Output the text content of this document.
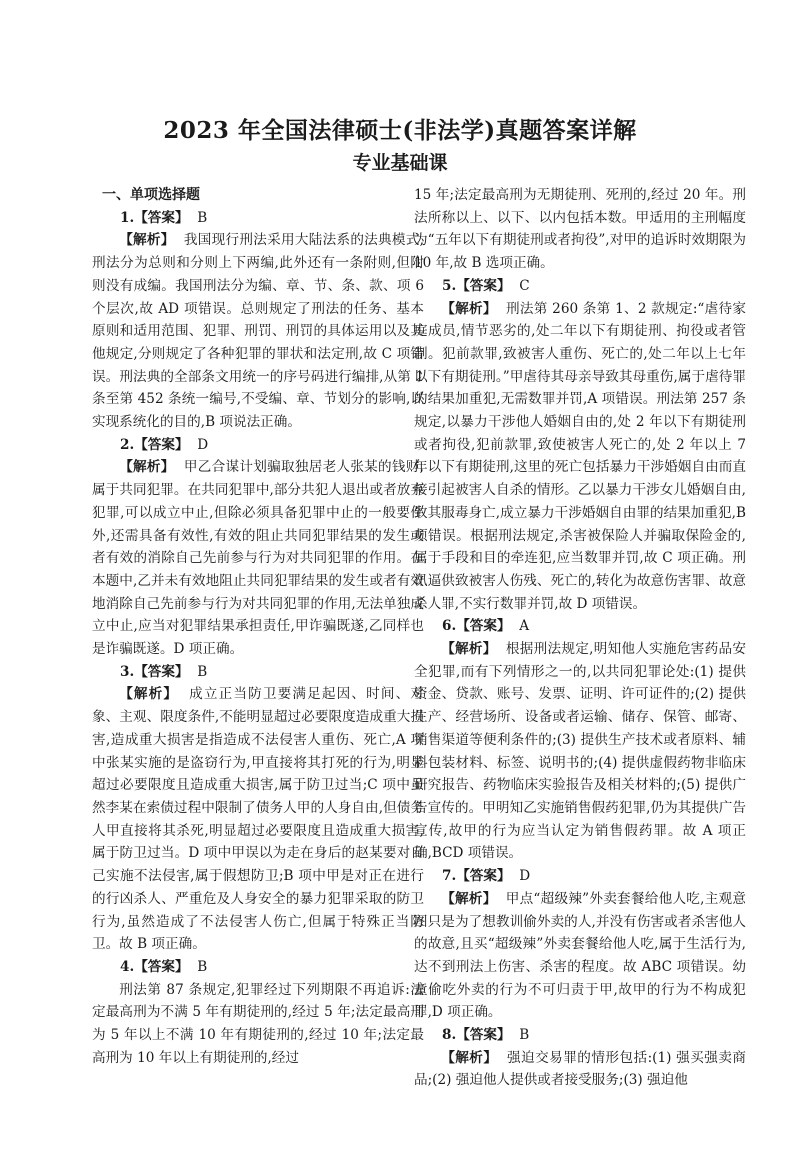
2023 年全国法律硕士(非法学)真题答案详解
专业基础课

一、单项选择题

1.【答案】 B

【解析】 我国现行刑法采用大陆法系的法典模式,刑法分为总则和分则上下两编,此外还有一条附则,但附则没有成编。我国刑法分为编、章、节、条、款、项 6 个层次,故 AD 项错误。总则规定了刑法的任务、基本原则和适用范围、犯罪、刑罚、刑罚的具体运用以及其他规定,分则规定了各种犯罪的罪状和法定刑,故 C 项错误。刑法典的全部条文用统一的序号码进行编排,从第 1 条至第 452 条统一编号,不受编、章、节划分的影响,以实现系统化的目的,B 项说法正确。

2.【答案】 D

【解析】 甲乙合谋计划骗取独居老人张某的钱财,属于共同犯罪。在共同犯罪中,部分共犯人退出或者放弃犯罪,可以成立中止,但除必须具备犯罪中止的一般要件外,还需具备有效性,有效的阻止共同犯罪结果的发生或者有效的消除自己先前参与行为对共同犯罪的作用。在本题中,乙并未有效地阻止共同犯罪结果的发生或者有效地消除自己先前参与行为对共同犯罪的作用,无法单独成立中止,应当对犯罪结果承担责任,甲诈骗既遂,乙同样也是诈骗既遂。D 项正确。

3.【答案】 B

【解析】 成立正当防卫要满足起因、时间、对象、主观、限度条件,不能明显超过必要限度造成重大损害,造成重大损害是指造成不法侵害人重伤、死亡,A 项中张某实施的是盗窃行为,甲直接将其打死的行为,明显超过必要限度且造成重大损害,属于防卫过当;C 项中虽然李某在索债过程中限制了债务人甲的人身自由,但债务人甲直接将其杀死,明显超过必要限度且造成重大损害,属于防卫过当。D 项中甲误以为走在身后的赵某要对自己实施不法侵害,属于假想防卫;B 项中甲是对正在进行的行凶杀人、严重危及人身安全的暴力犯罪采取的防卫行为,虽然造成了不法侵害人伤亡,但属于特殊正当防卫。故 B 项正确。

4.【答案】 B

刑法第 87 条规定,犯罪经过下列期限不再追诉:法定最高刑为不满 5 年有期徒刑的,经过 5 年;法定最高刑为 5 年以上不满 10 年有期徒刑的,经过 10 年;法定最高刑为 10 年以上有期徒刑的,经过

15 年;法定最高刑为无期徒刑、死刑的,经过 20 年。刑法所称以上、以下、以内包括本数。甲适用的主刑幅度为“五年以下有期徒刑或者拘役”,对甲的追诉时效期限为 10 年,故 B 选项正确。

5.【答案】 C

【解析】 刑法第 260 条第 1、2 款规定:“虐待家庭成员,情节恶劣的,处二年以下有期徒刑、拘役或者管制。犯前款罪,致被害人重伤、死亡的,处二年以上七年以下有期徒刑。”甲虐待其母亲导致其母重伤,属于虐待罪的结果加重犯,无需数罪并罚,A 项错误。刑法第 257 条规定,以暴力干涉他人婚姻自由的,处 2 年以下有期徒刑或者拘役,犯前款罪,致使被害人死亡的,处 2 年以上 7 年以下有期徒刑,这里的死亡包括暴力干涉婚姻自由而直接引起被害人自杀的情形。乙以暴力干涉女儿婚姻自由,致其服毒身亡,成立暴力干涉婚姻自由罪的结果加重犯,B 项错误。根据刑法规定,杀害被保险人并骗取保险金的,属于手段和目的牵连犯,应当数罪并罚,故 C 项正确。刑讯逼供致被害人伤残、死亡的,转化为故意伤害罪、故意杀人罪,不实行数罪并罚,故 D 项错误。

6.【答案】 A

【解析】 根据刑法规定,明知他人实施危害药品安全犯罪,而有下列情形之一的,以共同犯罪论处:(1) 提供资金、贷款、账号、发票、证明、许可证件的;(2) 提供生产、经营场所、设备或者运输、储存、保管、邮寄、销售渠道等便利条件的;(3) 提供生产技术或者原料、辅料包装材料、标签、说明书的;(4) 提供虚假药物非临床研究报告、药物临床实验报告及相关材料的;(5) 提供广告宣传的。甲明知乙实施销售假药犯罪,仍为其提供广告宣传,故甲的行为应当认定为销售假药罪。故 A 项正确,BCD 项错误。

7.【答案】 D

【解析】 甲点“超级辣”外卖套餐给他人吃,主观意图只是为了想教训偷外卖的人,并没有伤害或者杀害他人的故意,且买“超级辣”外卖套餐给他人吃,属于生活行为,达不到刑法上伤害、杀害的程度。故 ABC 项错误。幼童偷吃外卖的行为不可归责于甲,故甲的行为不构成犯罪,D 项正确。

8.【答案】 B

【解析】 强迫交易罪的情形包括:(1) 强买强卖商品;(2) 强迫他人提供或者接受服务;(3) 强迫他
